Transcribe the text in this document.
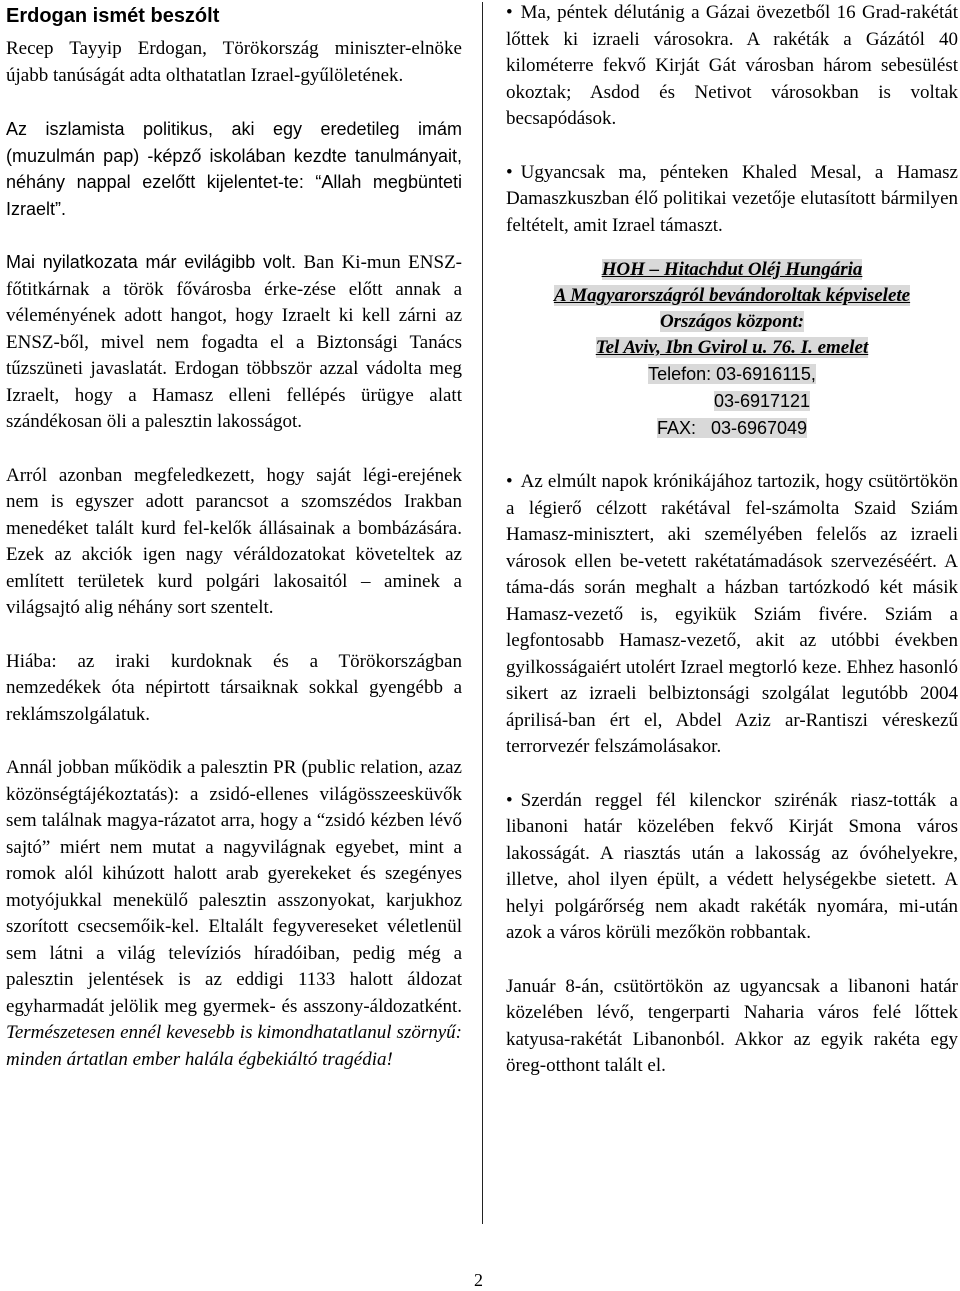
Erdogan ismét beszólt

Recep Tayyip Erdogan, Törökország miniszter-elnöke újabb tanúságát adta olthatatlan Izrael-gyűlöletének.

Az iszlamista politikus, aki egy eredetileg imám (muzulmán pap) -képző iskolában kezdte tanulmányait, néhány nappal ezelőtt kijelentet-te: “Allah megbünteti Izraelt”.

Mai nyilatkozata már evilágibb volt. Ban Ki-mun ENSZ-főtitkárnak a török fővárosba érke-zése előtt annak a véleményének adott hangot, hogy Izraelt ki kell zárni az ENSZ-ből, mivel nem fogadta el a Biztonsági Tanács tűzszüneti javaslatát. Erdogan többször azzal vádolta meg Izraelt, hogy a Hamasz elleni fellépés ürügye alatt szándékosan öli a palesztin lakosságot.

Arról azonban megfeledkezett, hogy saját légi-erejének nem is egyszer adott parancsot a szomszédos Irakban menedéket talált kurd fel-kelők állásainak a bombázására. Ezek az akciók igen nagy véráldozatokat követeltek az említett területek kurd polgári lakosaitól – aminek a világsajtó alig néhány sort szentelt.

Hiába: az iraki kurdoknak és a Törökországban nemzedékek óta népirtott társaiknak sokkal gyengébb a reklámszolgálatuk.

Annál jobban működik a palesztin PR (public relation, azaz közönségtájékoztatás): a zsidó-ellenes világösszeesküvők sem találnak magya-rázatot arra, hogy a “zsidó kézben lévő sajtó” miért nem mutat a nagyvilágnak egyebet, mint a romok alól kihúzott halott arab gyerekeket és szegényes motyójukkal menekülő palesztin asszonyokat, karjukhoz szorított csecsemőik-kel. Eltalált fegyvereseket véletlenül sem látni a világ televíziós híradóiban, pedig még a palesztin jelentések is az eddigi 1133 halott áldozat egyharmadát jelölik meg gyermek- és asszony-áldozatként. Természetesen ennél kevesebb is kimondhatatlanul szörnyű: minden ártatlan ember halála égbekiáltó tragédia!

• Ma, péntek délutánig a Gázai övezetből 16 Grad-rakétát lőttek ki izraeli városokra. A rakéták a Gázától 40 kilométerre fekvő Kirját Gát városban három sebesülést okoztak; Asdod és Netivot városokban is voltak becsapódások.

• Ugyancsak ma, pénteken Khaled Mesal, a Hamasz Damaszkuszban élő politikai vezetője elutasított bármilyen feltételt, amit Izrael támaszt.

HOH – Hitachdut Oléj Hungária
A Magyarországról bevándoroltak képviselete
Országos központ:
Tel Aviv, Ibn Gvirol u. 76. I. emelet
Telefon: 03-6916115,
03-6917121
FAX:   03-6967049

• Az elmúlt napok krónikájához tartozik, hogy csütörtökön a légierő célzott rakétával fel-számolta Szaid Sziám Hamasz-minisztert, aki személyében felelős az izraeli városok ellen be-vetett rakétatámadások szervezéséért. A táma-dás során meghalt a házban tartózkodó két másik Hamasz-vezető is, egyikük Sziám fivére. Sziám a legfontosabb Hamasz-vezető, akit az utóbbi években gyilkosságaiért utolért Izrael megtorló keze. Ehhez hasonló sikert az izraeli belbiztonsági szolgálat legutóbb 2004 áprilisá-ban ért el, Abdel Aziz ar-Rantiszi véreskezű terrorvezér felszámolásakor.

• Szerdán reggel fél kilenckor szirénák riasz-tották a libanoni határ közelében fekvő Kirját Smona város lakosságát. A riasztás után a lakosság az óvóhelyekre, illetve, ahol ilyen épült, a védett helységekbe sietett. A helyi polgárőrség nem akadt rakéták nyomára, mi-után azok a város körüli mezőkön robbantak.

Január 8-án, csütörtökön az ugyancsak a libanoni határ közelében lévő, tengerparti Naharia város felé lőttek katyusa-rakétát Libanonból. Akkor az egyik rakéta egy öreg-otthont talált el.

2
